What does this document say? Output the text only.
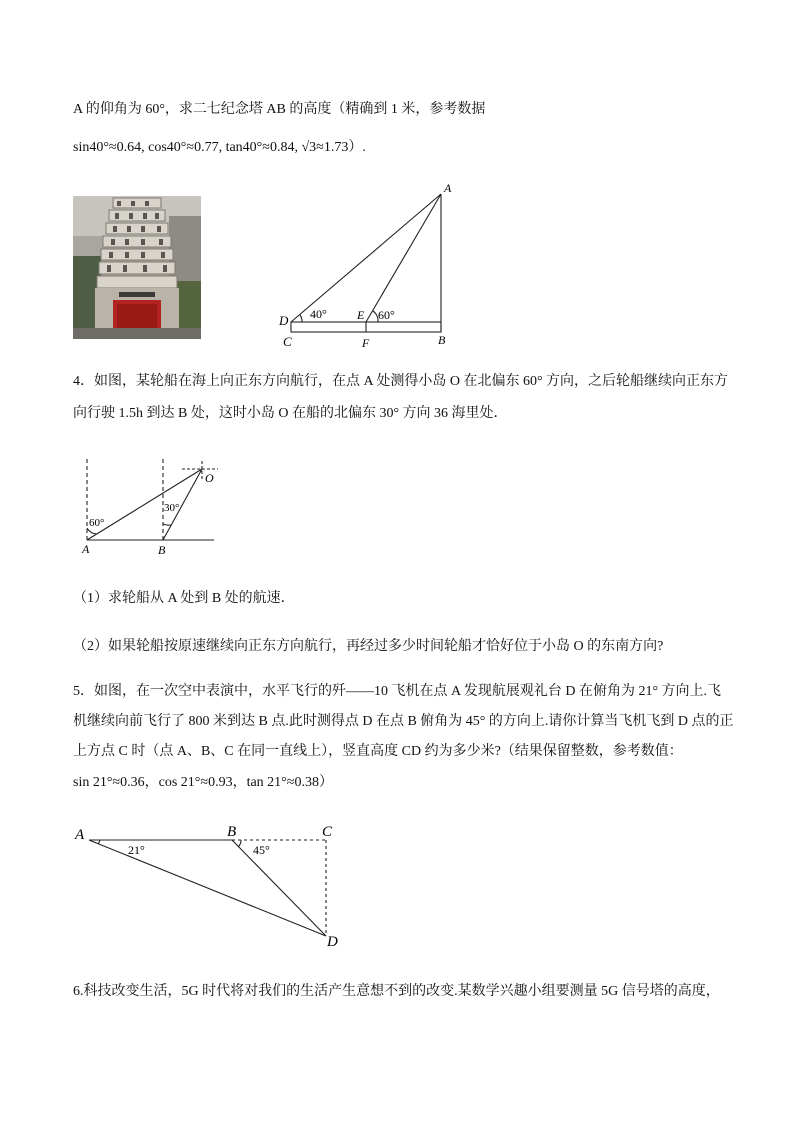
A 的仰角为 60°，求二七纪念塔 AB 的高度（精确到 1 米，参考数据
sin40°≈0.64, cos40°≈0.77, tan40°≈0.84, √3≈1.73）.
A
D	E
C	F	B
40°	60°
4．如图，某轮船在海上向正东方向航行，在点 A 处测得小岛 O 在北偏东 60° 方向，之后轮船继续向正东方
向行驶 1.5h 到达 B 处，这时小岛 O 在船的北偏东 30° 方向 36 海里处．
60°
30°
A	B
O
（1）求轮船从 A 处到 B 处的航速．
（2）如果轮船按原速继续向正东方向航行，再经过多少时间轮船才恰好位于小岛 O 的东南方向?
5．如图，在一次空中表演中，水平飞行的歼——10 飞机在点 A 发现航展观礼台 D 在俯角为 21° 方向上.飞
机继续向前飞行了 800 米到达 B 点.此时测得点 D 在点 B 俯角为 45° 的方向上.请你计算当飞机飞到 D 点的正
上方点 C 时（点 A、B、C 在同一直线上），竖直高度 CD 约为多少米?（结果保留整数，参考数值：
sin 21°≈0.36，cos 21°≈0.93，tan 21°≈0.38）
A	B	C
D
21°	45°
6.科技改变生活，5G 时代将对我们的生活产生意想不到的改变.某数学兴趣小组要测量 5G 信号塔的高度，
